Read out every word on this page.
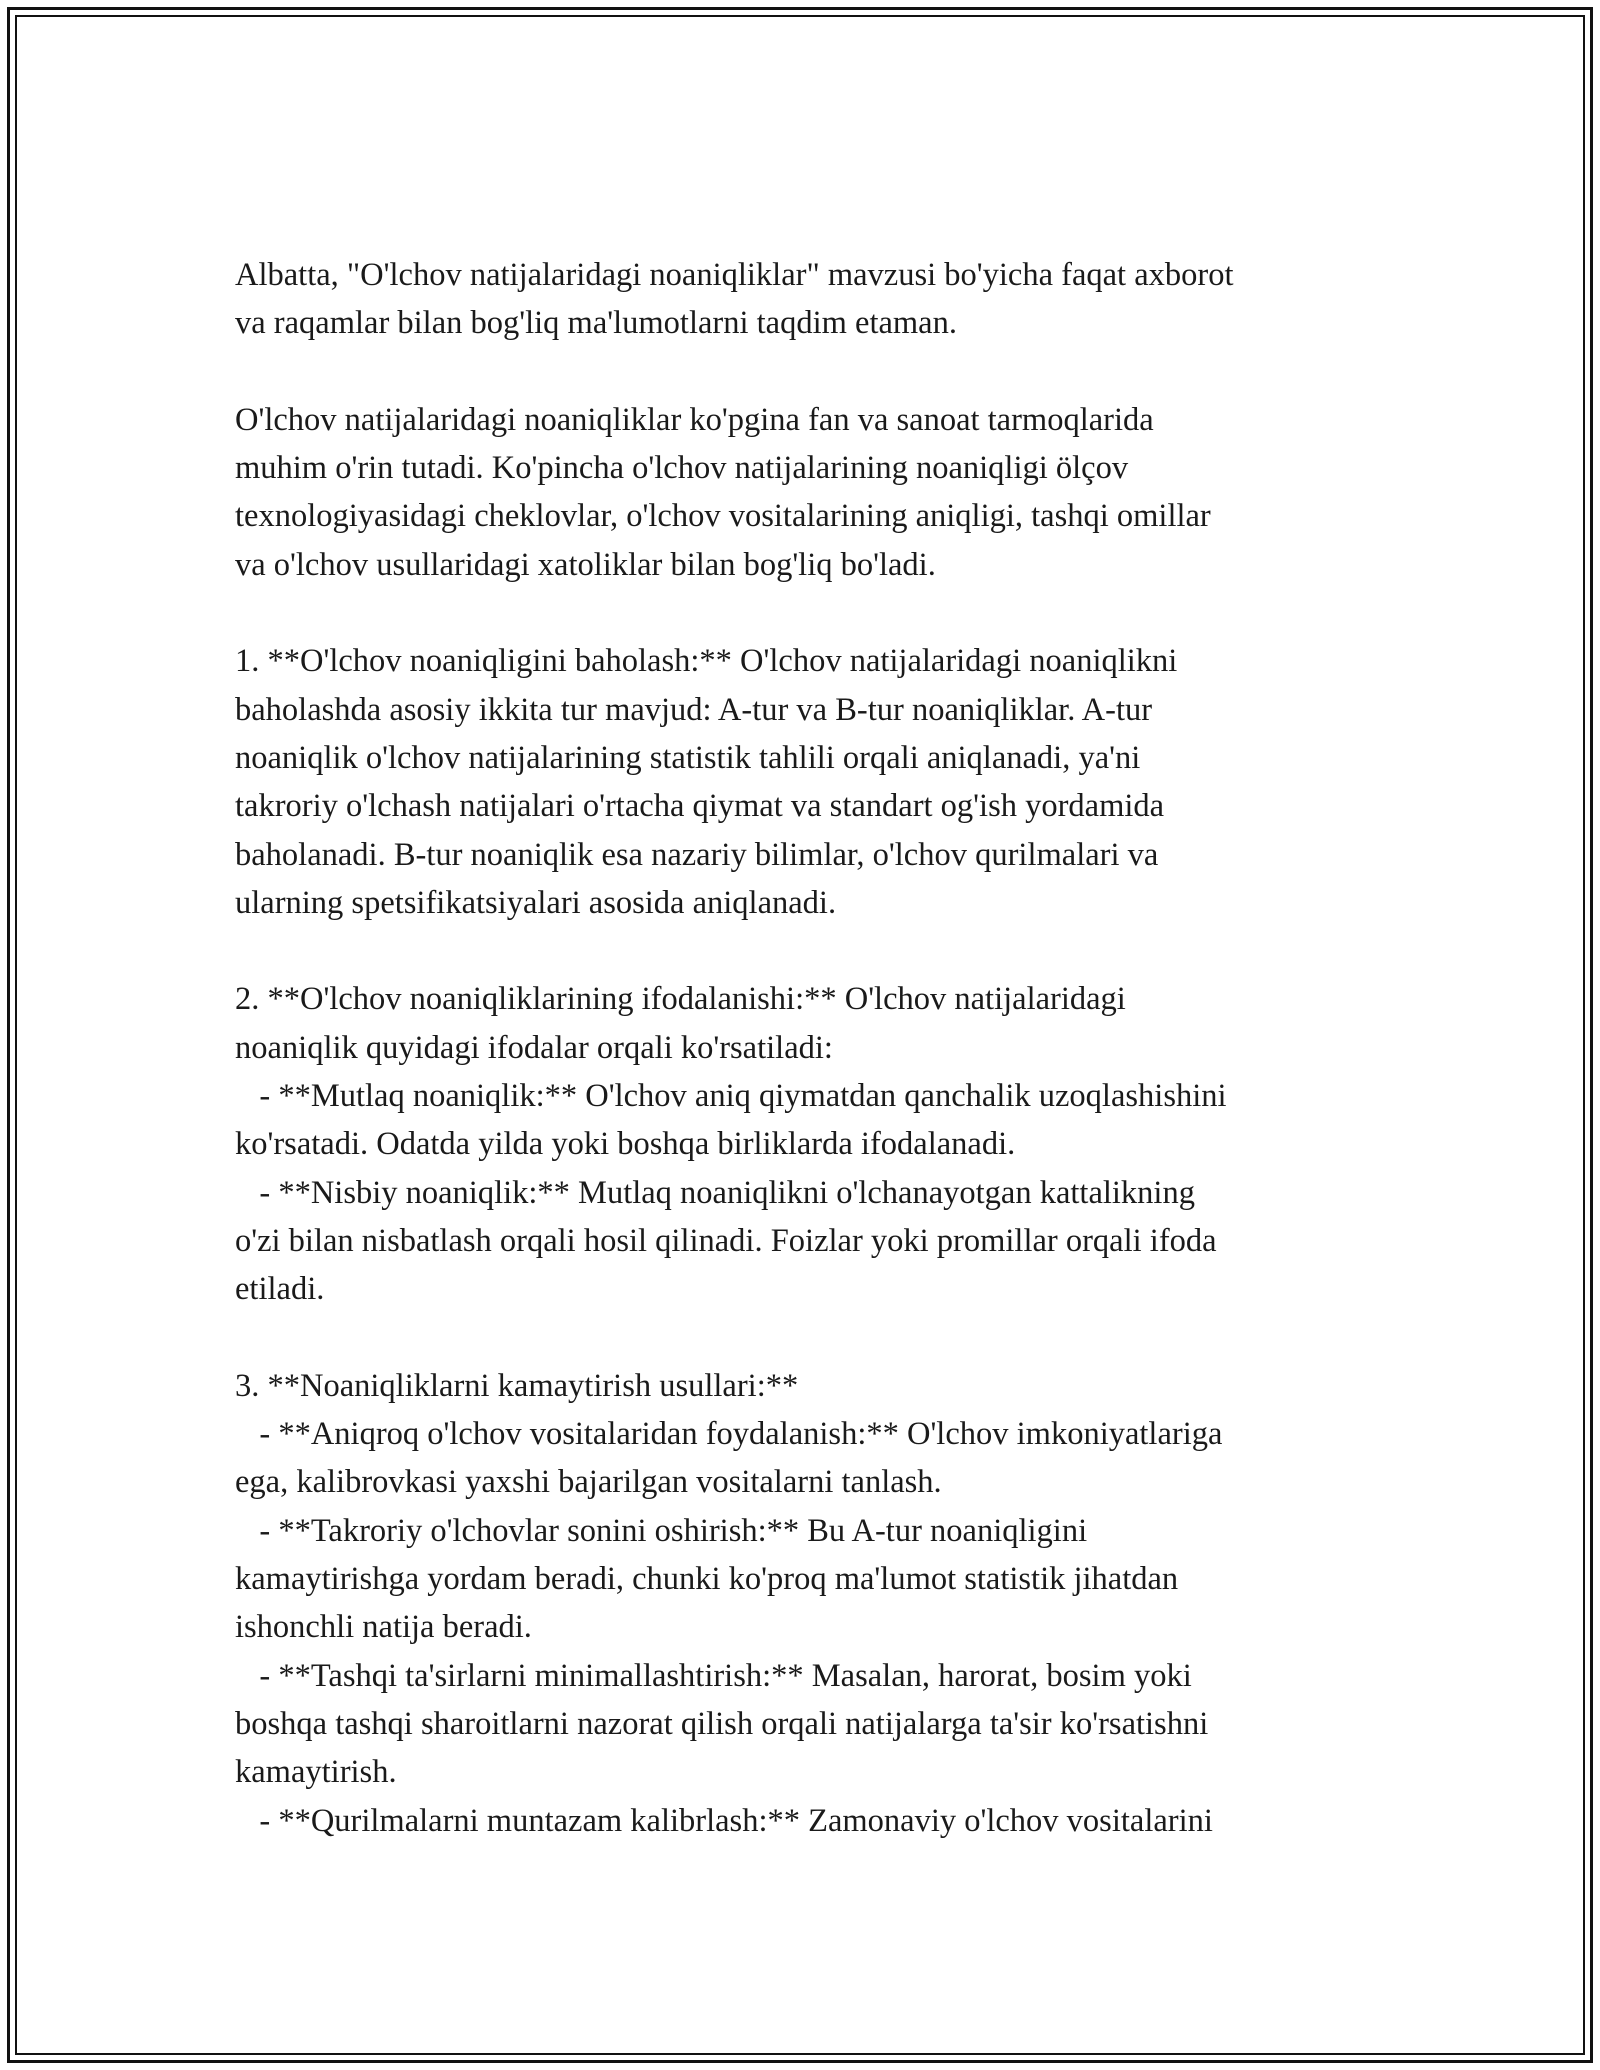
Albatta, "O'lchov natijalaridagi noaniqliklar" mavzusi bo'yicha faqat axborot
va raqamlar bilan bog'liq ma'lumotlarni taqdim etaman.
O'lchov natijalaridagi noaniqliklar ko'pgina fan va sanoat tarmoqlarida
muhim o'rin tutadi. Ko'pincha o'lchov natijalarining noaniqligi ölçov
texnologiyasidagi cheklovlar, o'lchov vositalarining aniqligi, tashqi omillar
va o'lchov usullaridagi xatoliklar bilan bog'liq bo'ladi.
1. **O'lchov noaniqligini baholash:** O'lchov natijalaridagi noaniqlikni
baholashda asosiy ikkita tur mavjud: A-tur va B-tur noaniqliklar. A-tur
noaniqlik o'lchov natijalarining statistik tahlili orqali aniqlanadi, ya'ni
takroriy o'lchash natijalari o'rtacha qiymat va standart og'ish yordamida
baholanadi. B-tur noaniqlik esa nazariy bilimlar, o'lchov qurilmalari va
ularning spetsifikatsiyalari asosida aniqlanadi.
2. **O'lchov noaniqliklarining ifodalanishi:** O'lchov natijalaridagi
noaniqlik quyidagi ifodalar orqali ko'rsatiladi:
- **Mutlaq noaniqlik:** O'lchov aniq qiymatdan qanchalik uzoqlashishini
ko'rsatadi. Odatda yilda yoki boshqa birliklarda ifodalanadi.
- **Nisbiy noaniqlik:** Mutlaq noaniqlikni o'lchanayotgan kattalikning
o'zi bilan nisbatlash orqali hosil qilinadi. Foizlar yoki promillar orqali ifoda
etiladi.
3. **Noaniqliklarni kamaytirish usullari:**
- **Aniqroq o'lchov vositalaridan foydalanish:** O'lchov imkoniyatlariga
ega, kalibrovkasi yaxshi bajarilgan vositalarni tanlash.
- **Takroriy o'lchovlar sonini oshirish:** Bu A-tur noaniqligini
kamaytirishga yordam beradi, chunki ko'proq ma'lumot statistik jihatdan
ishonchli natija beradi.
- **Tashqi ta'sirlarni minimallashtirish:** Masalan, harorat, bosim yoki
boshqa tashqi sharoitlarni nazorat qilish orqali natijalarga ta'sir ko'rsatishni
kamaytirish.
- **Qurilmalarni muntazam kalibrlash:** Zamonaviy o'lchov vositalarini
